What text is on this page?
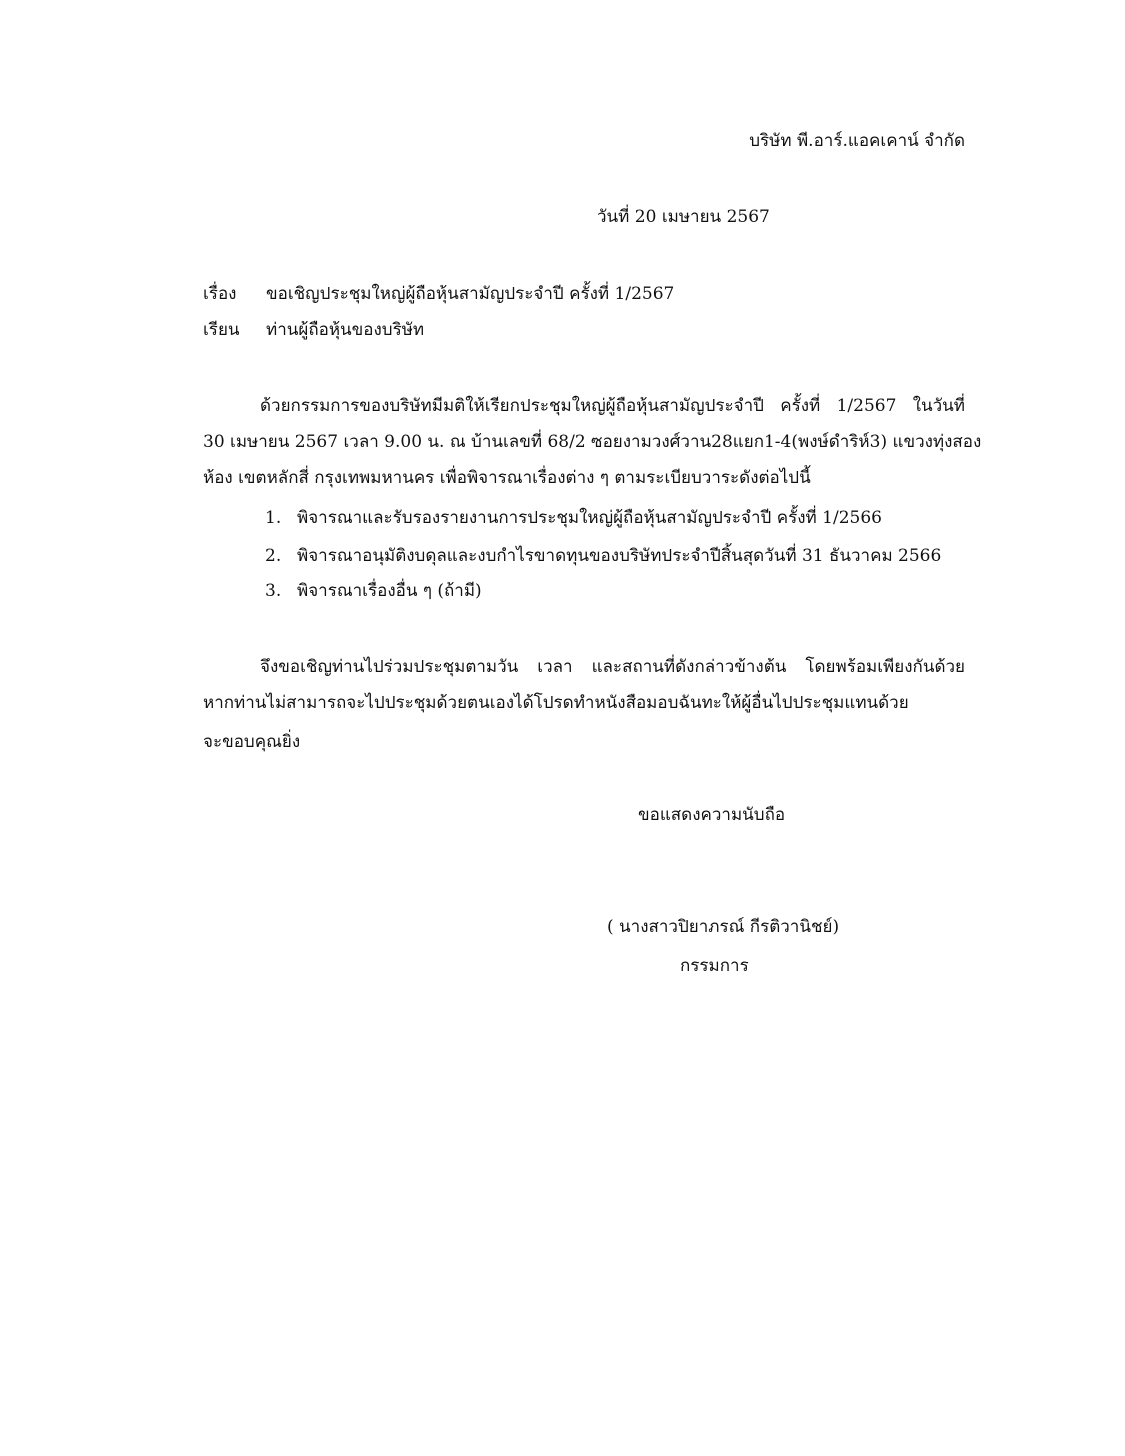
บริษัท พี.อาร์.แอคเคาน์ จำกัด
วันที่ 20 เมษายน 2567
เรื่อง ขอเชิญประชุมใหญ่ผู้ถือหุ้นสามัญประจำปี ครั้งที่ 1/2567
เรียน ท่านผู้ถือหุ้นของบริษัท
ด้วยกรรมการของบริษัทมีมติให้เรียกประชุมใหญ่ผู้ถือหุ้นสามัญประจำปี ครั้งที่ 1/2567 ในวันที่
30 เมษายน 2567 เวลา 9.00 น. ณ บ้านเลขที่ 68/2 ซอยงามวงศ์วาน28แยก1-4(พงษ์ดำริห์3) แขวงทุ่งสอง
ห้อง เขตหลักสี่ กรุงเทพมหานคร เพื่อพิจารณาเรื่องต่าง ๆ ตามระเบียบวาระดังต่อไปนี้
1. พิจารณาและรับรองรายงานการประชุมใหญ่ผู้ถือหุ้นสามัญประจำปี ครั้งที่ 1/2566
2. พิจารณาอนุมัติงบดุลและงบกำไรขาดทุนของบริษัทประจำปีสิ้นสุดวันที่ 31 ธันวาคม 2566
3. พิจารณาเรื่องอื่น ๆ (ถ้ามี)
จึงขอเชิญท่านไปร่วมประชุมตามวัน เวลา และสถานที่ดังกล่าวข้างต้น โดยพร้อมเพียงกันด้วย
หากท่านไม่สามารถจะไปประชุมด้วยตนเองได้โปรดทำหนังสือมอบฉันทะให้ผู้อื่นไปประชุมแทนด้วย
จะขอบคุณยิ่ง
ขอแสดงความนับถือ
( นางสาวปิยาภรณ์ กีรติวานิชย์)
กรรมการ
